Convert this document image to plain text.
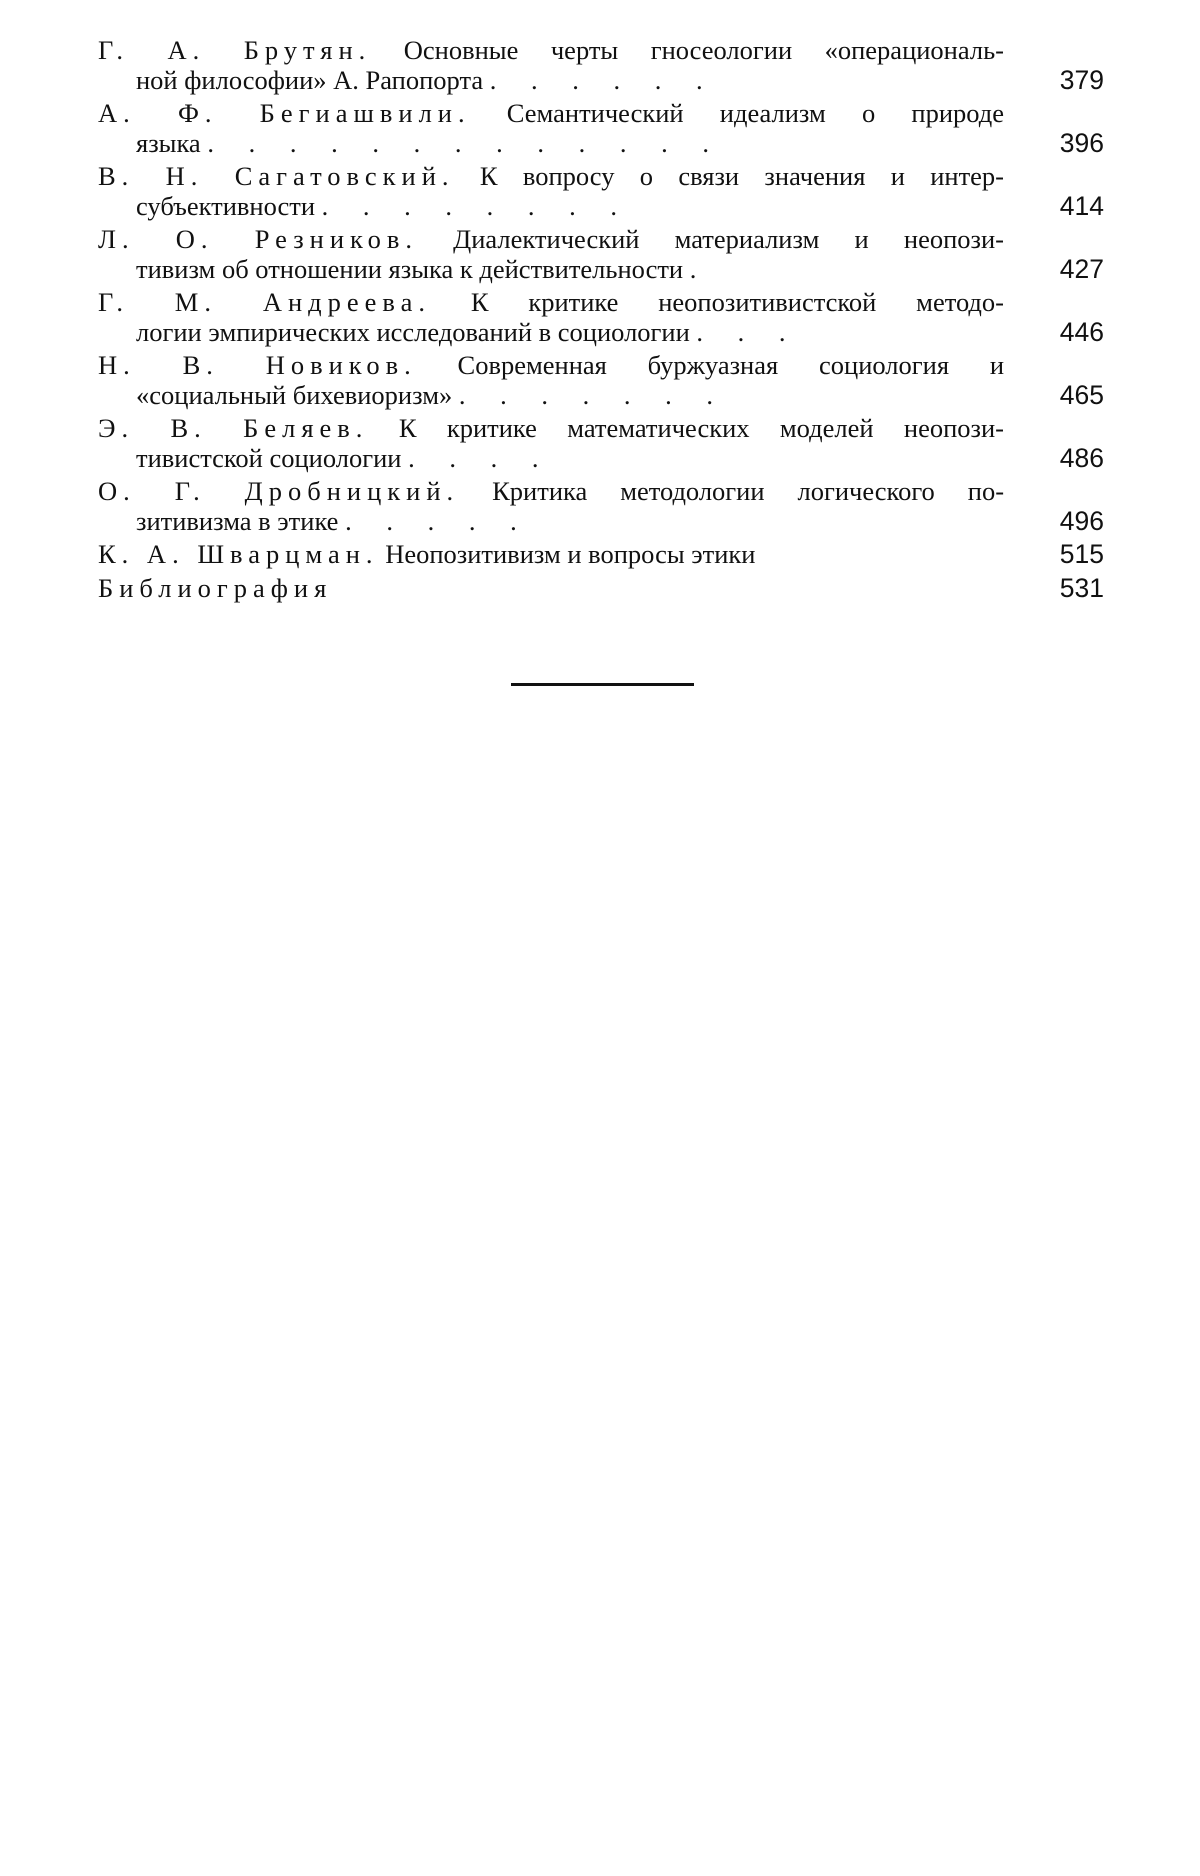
Г. А. Брутян. Основные черты гносеологии «операциональ-
ной философии» А. Рапопорта . . . . . .	379
А. Ф. Бегиашвили. Семантический идеализм о природе
языка . . . . . . . . . . . . .	396
В. Н. Сагатовский. К вопросу о связи значения и интер-
субъективности . . . . . . . .	414
Л. О. Резников. Диалектический материализм и неопози-
тивизм об отношении языка к действительности .	427
Г. М. Андреева. К критике неопозитивистской методо-
логии эмпирических исследований в социологии . . .	446
Н. В. Новиков. Современная буржуазная социология и
«социальный бихевиоризм» . . . . . . .	465
Э. В. Беляев. К критике математических моделей неопози-
тивистской социологии . . . .	486
О. Г. Дробницкий. Критика методологии логического по-
зитивизма в этике . . . . .	496
К. А. Шварцман. Неопозитивизм и вопросы этики	515
Библиография	531
